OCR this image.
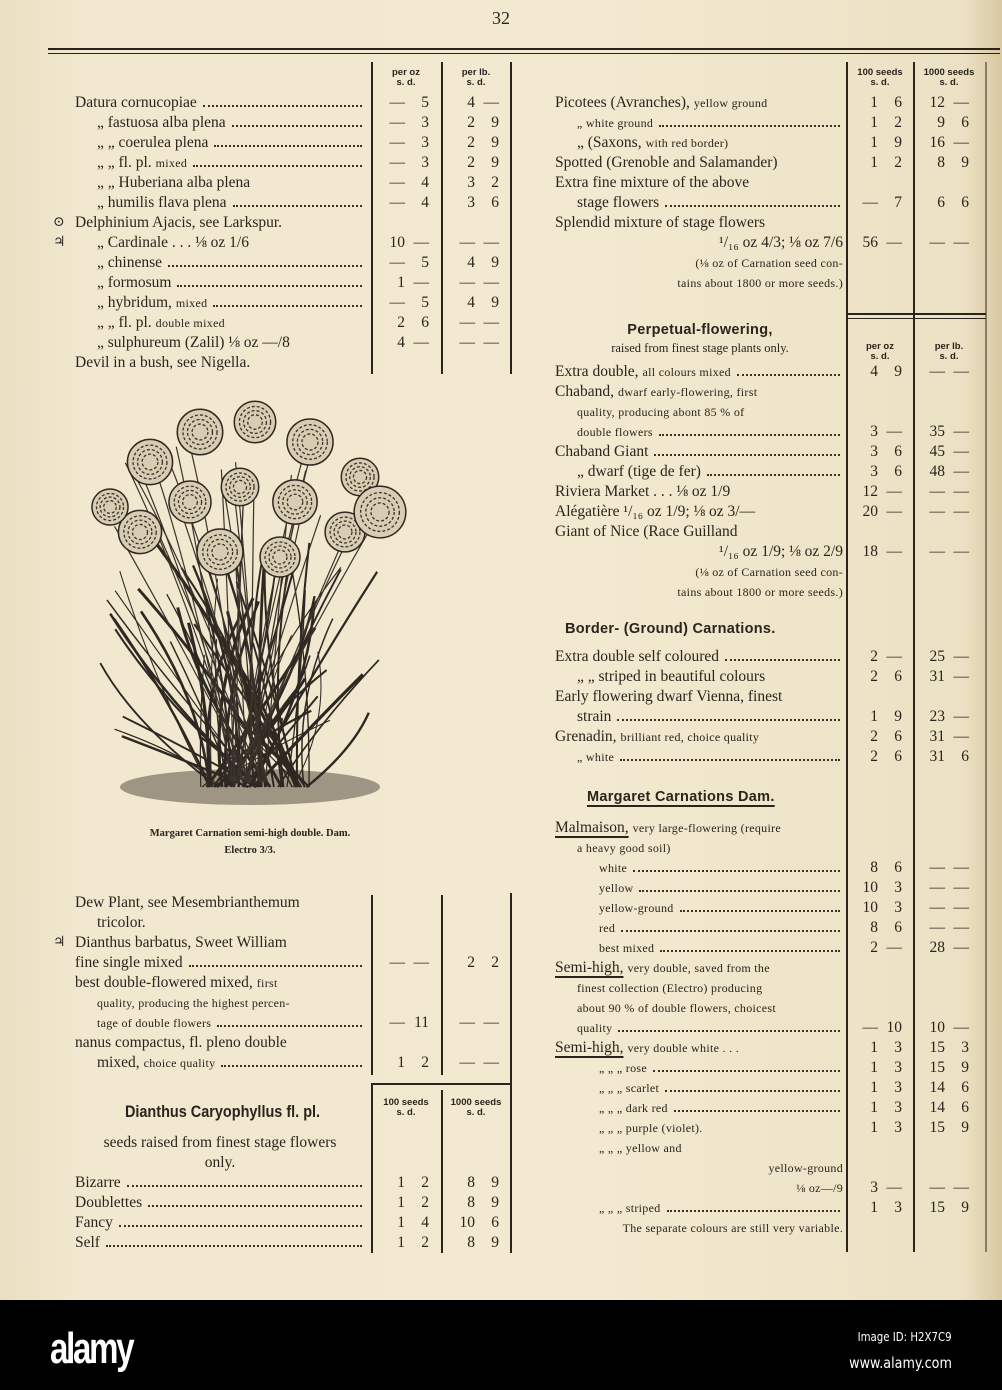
32
per oz
s. d.
per lb.
s. d.
Datura cornucopiae	—	5	4 —
„ fastuosa alba plena	—	3	2	9
„ „ coerulea plena	—	3	2	9
„ „ fl. pl. mixed	—	3	2	9
„ „ Huberiana alba plena	—	4	3	2
„ humilis flava plena	—	4	3	6
⊙ Delphinium Ajacis, see Larkspur.
♃ „ Cardinale . . . ⅛ oz 1/6	10 —	— —
„ chinense	—	5	4	9
„ formosum	1 —	— —
„ hybridum, mixed	—	5	4	9
„ „ fl. pl. double mixed	2	6	— —
„ sulphureum (Zalil) ⅛ oz —/8	4 —	— —
Devil in a bush, see Nigella.
Margaret Carnation semi-high double. Dam.
Electro 3/3.
Dew Plant, see Mesembrianthemum
tricolor.
♃ Dianthus barbatus, Sweet William
fine single mixed	— —	2	2
best double-flowered mixed, first
quality, producing the highest percen-
tage of double flowers	— 11	— —
nanus compactus, fl. pleno double
mixed, choice quality	1	2	— —
100 seeds
s. d.
1000 seeds
s. d.
Dianthus Caryophyllus fl. pl.
seeds raised from finest stage flowers
only.
Bizarre	1	2	8	9
Doublettes	1	2	8	9
Fancy	1	4	10	6
Self	1	2	8	9
100 seeds
s. d.
1000 seeds
s. d.
Picotees (Avranches), yellow ground	1	6	12 —
„ white ground	1	2	9	6
„ (Saxons, with red border)	1	9	16 —
Spotted (Grenoble and Salamander)	1	2	8	9
Extra fine mixture of the above
stage flowers	—	7	6	6
Splendid mixture of stage flowers
¹/₁₆ oz 4/3; ⅛ oz 7/6	56 —	— —
(⅛ oz of Carnation seed con-
tains about 1800 or more seeds.)
per oz
s. d.
per lb.
s. d.
Perpetual-flowering,
raised from finest stage plants only.
Extra double, all colours mixed	4	9	— —
Chaband, dwarf early-flowering, first
quality, producing abont 85 % of
double flowers	3 —	35 —
Chaband Giant	3	6	45 —
„ dwarf (tige de fer)	3	6	48 —
Riviera Market . . . ⅛ oz 1/9	12 —	— —
Alégatière ¹/₁₆ oz 1/9; ⅛ oz 3/—	20 —	— —
Giant of Nice (Race Guilland
¹/₁₆ oz 1/9; ⅛ oz 2/9	18 —	— —
(⅛ oz of Carnation seed con-
tains about 1800 or more seeds.)
Border- (Ground) Carnations.
Extra double self coloured	2 —	25 —
„ „ striped in beautiful colours	2	6	31 —
Early flowering dwarf Vienna, finest
strain	1	9	23 —
Grenadin, brilliant red, choice quality	2	6	31 —
„ white	2	6	31	6
Margaret Carnations Dam.
Malmaison, very large-flowering (require
a heavy good soil)
white	8	6	— —
yellow	10	3	— —
yellow-ground	10	3	— —
red	8	6	— —
best mixed	2 —	28 —
Semi-high, very double, saved from the
finest collection (Electro) producing
about 90 % of double flowers, choicest
quality	— 10	10 —
Semi-high, very double white . . .	1	3	15	3
„ „ „ rose	1	3	15	9
„ „ „ scarlet	1	3	14	6
„ „ „ dark red	1	3	14	6
„ „ „ purple (violet).	1	3	15	9
„ „ „ yellow and
yellow-ground
⅛ oz—/9	3 —	— —
„ „ „ striped	1	3	15	9
The separate colours are still very variable.
alamy	Image ID: H2X7C9
www.alamy.com
